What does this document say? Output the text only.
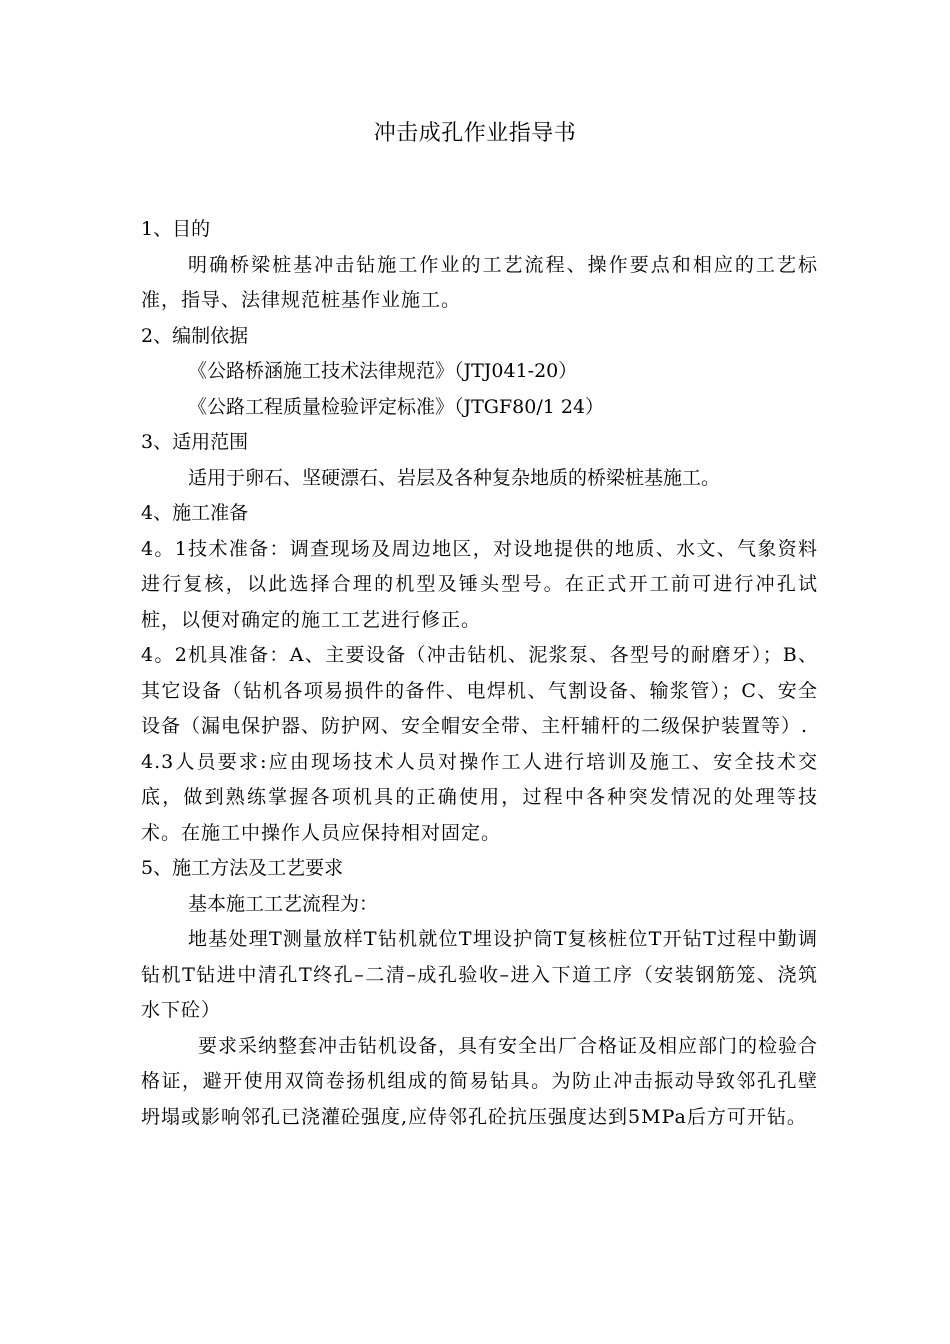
冲击成孔作业指导书

1、目的

明确桥梁桩基冲击钻施工作业的工艺流程、操作要点和相应的工艺标准，指导、法律规范桩基作业施工。

2、编制依据

《公路桥涵施工技术法律规范》（JTJ041-20）

《公路工程质量检验评定标准》（JTGF80/1 24）

3、适用范围

适用于卵石、坚硬漂石、岩层及各种复杂地质的桥梁桩基施工。

4、施工准备

4。1技术准备：调查现场及周边地区，对设地提供的地质、水文、气象资料进行复核，以此选择合理的机型及锤头型号。在正式开工前可进行冲孔试桩，以便对确定的施工工艺进行修正。

4。2机具准备：A、主要设备（冲击钻机、泥浆泵、各型号的耐磨牙）；B、其它设备（钻机各项易损件的备件、电焊机、气割设备、输浆管）；C、安全设备（漏电保护器、防护网、安全帽安全带、主杆辅杆的二级保护装置等）.

4.3人员要求:应由现场技术人员对操作工人进行培训及施工、安全技术交底，做到熟练掌握各项机具的正确使用，过程中各种突发情况的处理等技术。在施工中操作人员应保持相对固定。

5、施工方法及工艺要求

基本施工工艺流程为：

地基处理T测量放样T钻机就位T埋设护筒T复核桩位T开钻T过程中勤调钻机T钻进中清孔T终孔–二清–成孔验收–进入下道工序（安装钢筋笼、浇筑水下砼）

要求采纳整套冲击钻机设备，具有安全出厂合格证及相应部门的检验合格证，避开使用双筒卷扬机组成的简易钻具。为防止冲击振动导致邻孔孔壁坍塌或影响邻孔已浇灌砼强度,应侍邻孔砼抗压强度达到5MPa后方可开钻。
